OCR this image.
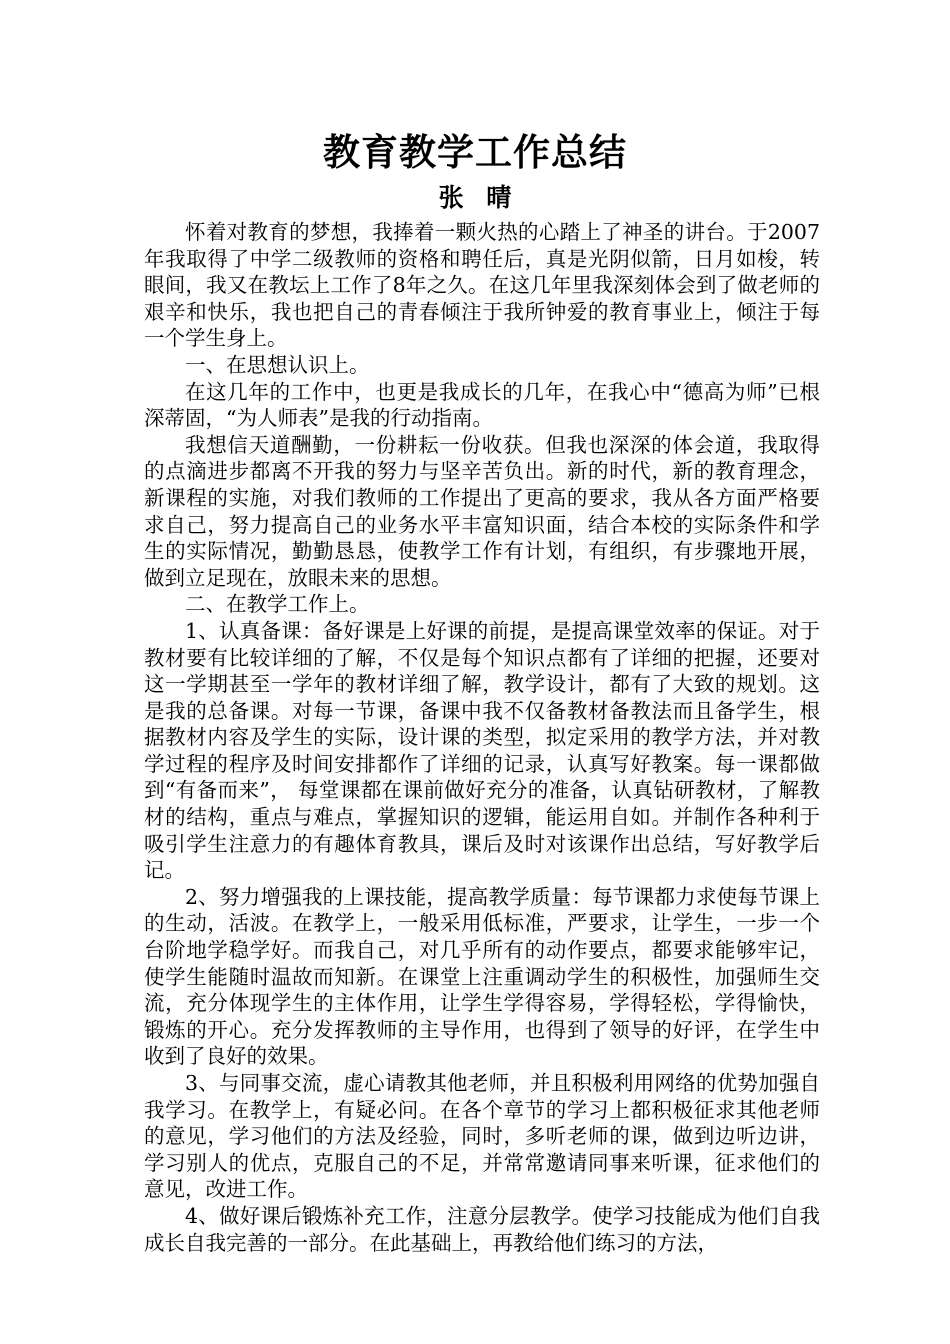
教育教学工作总结
张 晴

怀着对教育的梦想，我捧着一颗火热的心踏上了神圣的讲台。于2007年我取得了中学二级教师的资格和聘任后，真是光阴似箭，日月如梭，转眼间，我又在教坛上工作了8年之久。在这几年里我深刻体会到了做老师的艰辛和快乐，我也把自己的青春倾注于我所钟爱的教育事业上，倾注于每一个学生身上。

一、在思想认识上。

在这几年的工作中，也更是我成长的几年，在我心中“德高为师”已根深蒂固，“为人师表”是我的行动指南。

我想信天道酬勤，一份耕耘一份收获。但我也深深的体会道，我取得的点滴进步都离不开我的努力与坚辛苦负出。新的时代，新的教育理念，新课程的实施，对我们教师的工作提出了更高的要求，我从各方面严格要求自己，努力提高自己的业务水平丰富知识面，结合本校的实际条件和学生的实际情况，勤勤恳恳，使教学工作有计划，有组织，有步骤地开展，做到立足现在，放眼未来的思想。

二、在教学工作上。

1、认真备课：备好课是上好课的前提，是提高课堂效率的保证。对于教材要有比较详细的了解，不仅是每个知识点都有了详细的把握，还要对这一学期甚至一学年的教材详细了解，教学设计，都有了大致的规划。这是我的总备课。对每一节课，备课中我不仅备教材备教法而且备学生，根据教材内容及学生的实际，设计课的类型，拟定采用的教学方法，并对教学过程的程序及时间安排都作了详细的记录，认真写好教案。每一课都做到“有备而来”， 每堂课都在课前做好充分的准备，认真钻研教材，了解教材的结构，重点与难点，掌握知识的逻辑，能运用自如。并制作各种利于吸引学生注意力的有趣体育教具，课后及时对该课作出总结，写好教学后记。

2、努力增强我的上课技能，提高教学质量：每节课都力求使每节课上的生动，活波。在教学上，一般采用低标准，严要求，让学生，一步一个台阶地学稳学好。而我自己，对几乎所有的动作要点，都要求能够牢记，使学生能随时温故而知新。在课堂上注重调动学生的积极性，加强师生交流，充分体现学生的主体作用，让学生学得容易，学得轻松，学得愉快，锻炼的开心。充分发挥教师的主导作用，也得到了领导的好评，在学生中收到了良好的效果。

3、与同事交流，虚心请教其他老师，并且积极利用网络的优势加强自我学习。在教学上，有疑必问。在各个章节的学习上都积极征求其他老师的意见，学习他们的方法及经验，同时，多听老师的课，做到边听边讲，学习别人的优点，克服自己的不足，并常常邀请同事来听课，征求他们的意见，改进工作。

4、做好课后锻炼补充工作，注意分层教学。使学习技能成为他们自我成长自我完善的一部分。在此基础上，再教给他们练习的方法，
